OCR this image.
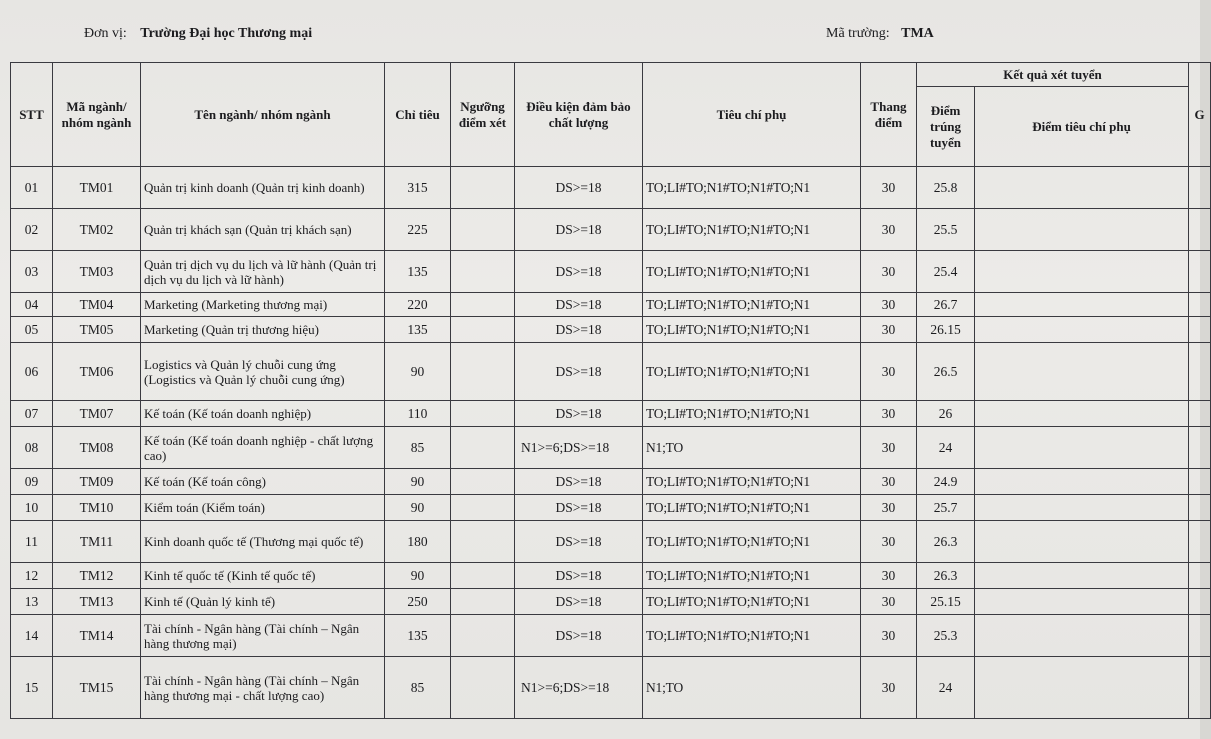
Đơn vị: Trường Đại học Thương mại	Mã trường: TMA
STT	Mã ngành/ nhóm ngành	Tên ngành/ nhóm ngành	Chỉ tiêu	Ngưỡng điểm xét	Điều kiện đảm bảo chất lượng	Tiêu chí phụ	Thang điểm	Kết quả xét tuyển		G
								Điểm trúng tuyển	Điểm tiêu chí phụ	
01	TM01	Quản trị kinh doanh (Quản trị kinh doanh)	315		DS>=18	TO;LI#TO;N1#TO;N1#TO;N1	30	25.8		
02	TM02	Quản trị khách sạn (Quản trị khách sạn)	225		DS>=18	TO;LI#TO;N1#TO;N1#TO;N1	30	25.5		
03	TM03	Quản trị dịch vụ du lịch và lữ hành (Quản trị dịch vụ du lịch và lữ hành)	135		DS>=18	TO;LI#TO;N1#TO;N1#TO;N1	30	25.4		
04	TM04	Marketing (Marketing thương mại)	220		DS>=18	TO;LI#TO;N1#TO;N1#TO;N1	30	26.7		
05	TM05	Marketing (Quản trị thương hiệu)	135		DS>=18	TO;LI#TO;N1#TO;N1#TO;N1	30	26.15		
06	TM06	Logistics và Quản lý chuỗi cung ứng (Logistics và Quản lý chuỗi cung ứng)	90		DS>=18	TO;LI#TO;N1#TO;N1#TO;N1	30	26.5		
07	TM07	Kế toán (Kế toán doanh nghiệp)	110		DS>=18	TO;LI#TO;N1#TO;N1#TO;N1	30	26		
08	TM08	Kế toán (Kế toán doanh nghiệp - chất lượng cao)	85		N1>=6;DS>=18	N1;TO	30	24		
09	TM09	Kế toán (Kế toán công)	90		DS>=18	TO;LI#TO;N1#TO;N1#TO;N1	30	24.9		
10	TM10	Kiểm toán (Kiểm toán)	90		DS>=18	TO;LI#TO;N1#TO;N1#TO;N1	30	25.7		
11	TM11	Kinh doanh quốc tế (Thương mại quốc tế)	180		DS>=18	TO;LI#TO;N1#TO;N1#TO;N1	30	26.3		
12	TM12	Kinh tế quốc tế (Kinh tế quốc tế)	90		DS>=18	TO;LI#TO;N1#TO;N1#TO;N1	30	26.3		
13	TM13	Kinh tế (Quản lý kinh tế)	250		DS>=18	TO;LI#TO;N1#TO;N1#TO;N1	30	25.15		
14	TM14	Tài chính - Ngân hàng (Tài chính – Ngân hàng thương mại)	135		DS>=18	TO;LI#TO;N1#TO;N1#TO;N1	30	25.3		
15	TM15	Tài chính - Ngân hàng (Tài chính – Ngân hàng thương mại - chất lượng cao)	85		N1>=6;DS>=18	N1;TO	30	24		
